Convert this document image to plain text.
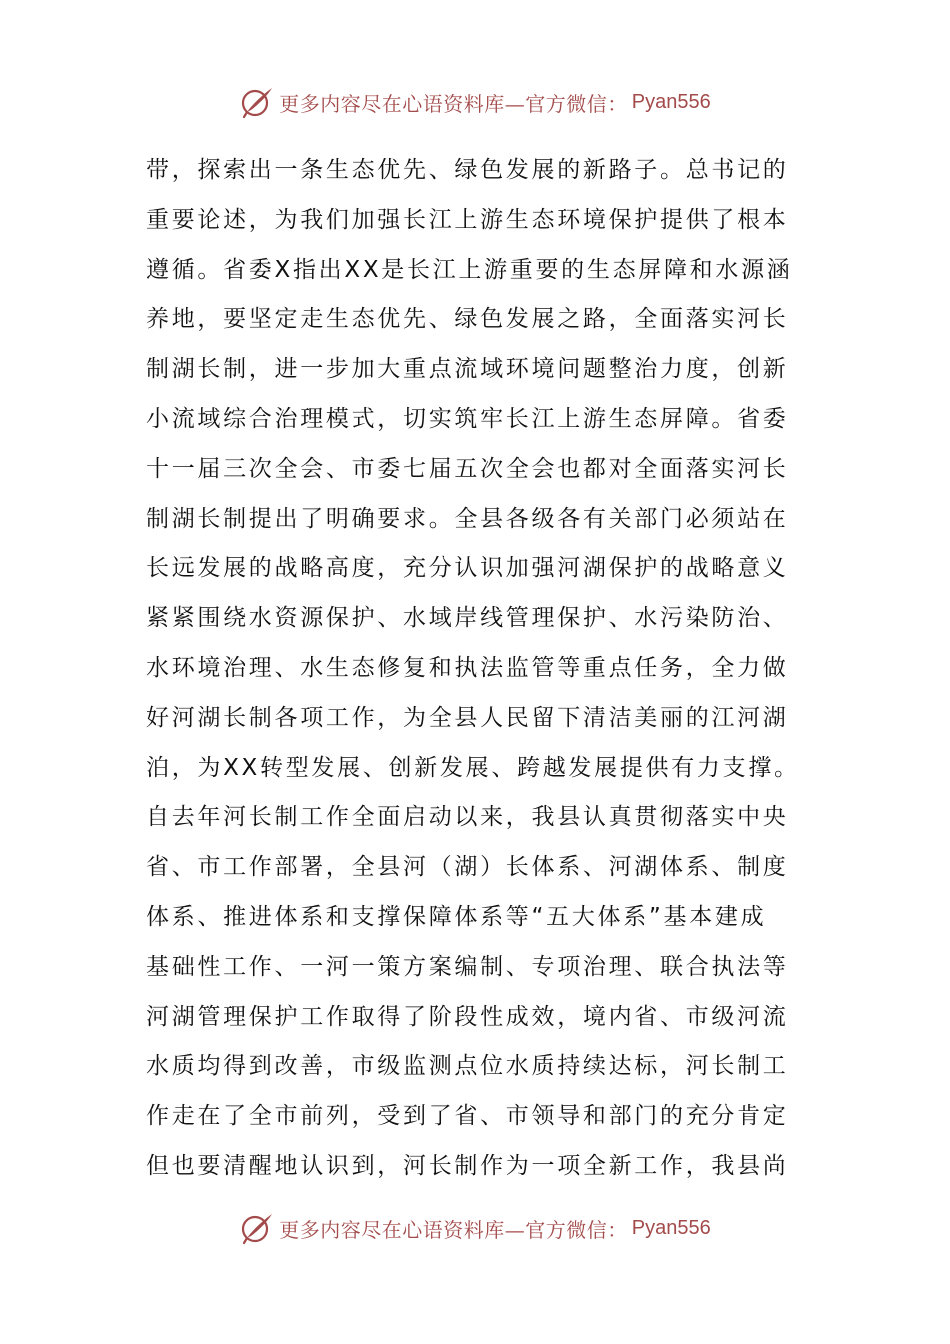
更多内容尽在心语资料库—官方微信： Pyan556
带，探索出一条生态优先、绿色发展的新路子。总书记的
重要论述，为我们加强长江上游生态环境保护提供了根本
遵循。省委X指出XX是长江上游重要的生态屏障和水源涵
养地，要坚定走生态优先、绿色发展之路，全面落实河长
制湖长制，进一步加大重点流域环境问题整治力度，创新
小流域综合治理模式，切实筑牢长江上游生态屏障。省委
十一届三次全会、市委七届五次全会也都对全面落实河长
制湖长制提出了明确要求。全县各级各有关部门必须站在
长远发展的战略高度，充分认识加强河湖保护的战略意义
紧紧围绕水资源保护、水域岸线管理保护、水污染防治、
水环境治理、水生态修复和执法监管等重点任务，全力做
好河湖长制各项工作，为全县人民留下清洁美丽的江河湖
泊，为XX转型发展、创新发展、跨越发展提供有力支撑。
自去年河长制工作全面启动以来，我县认真贯彻落实中央
省、市工作部署，全县河（湖）长体系、河湖体系、制度
体系、推进体系和支撑保障体系等“五大体系”基本建成
基础性工作、一河一策方案编制、专项治理、联合执法等
河湖管理保护工作取得了阶段性成效，境内省、市级河流
水质均得到改善，市级监测点位水质持续达标，河长制工
作走在了全市前列，受到了省、市领导和部门的充分肯定
但也要清醒地认识到，河长制作为一项全新工作，我县尚
更多内容尽在心语资料库—官方微信： Pyan556
